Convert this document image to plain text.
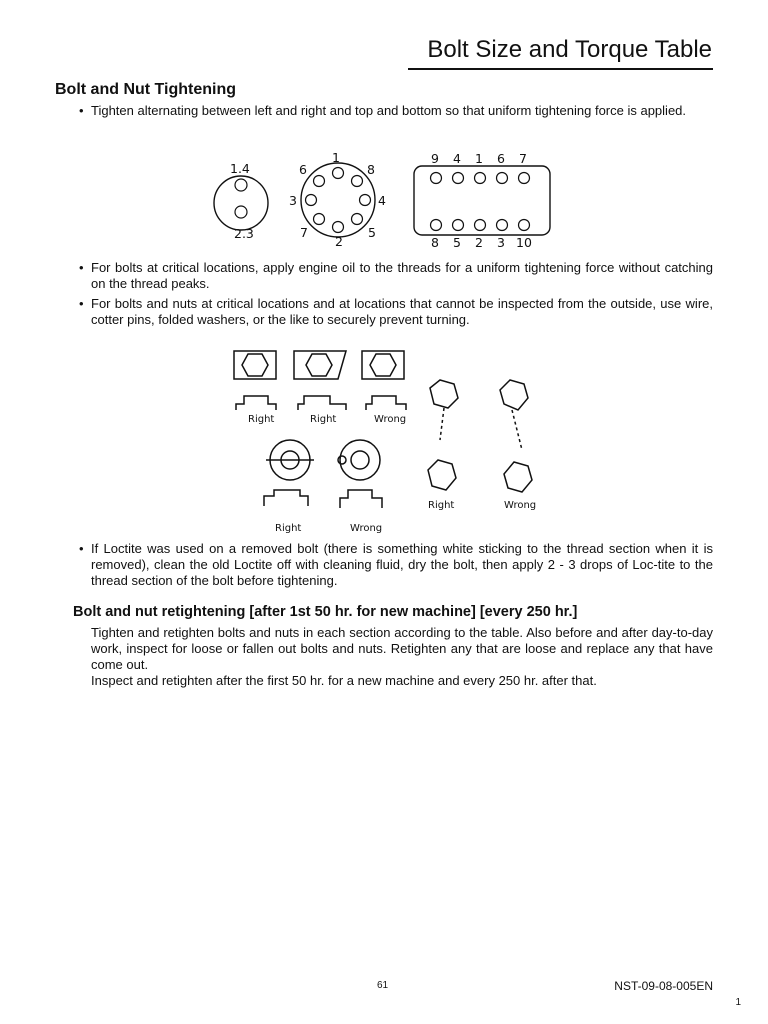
Bolt Size and Torque Table
Bolt and Nut Tightening
• Tighten alternating between left and right and top and bottom so that uniform tightening force is applied.
1.4
2.3
1
8
4
5
2
7
3
6
9 4 1 6 7
8 5 2 3 10
• For bolts at critical locations, apply engine oil to the threads for a uniform tightening force without catching on the thread peaks.
• For bolts and nuts at critical locations and at locations that cannot be inspected from the outside, use wire, cotter pins, folded washers, or the like to securely prevent turning.
Right	Right	Wrong
Right	Wrong
Right	Wrong
• If Loctite was used on a removed bolt (there is something white sticking to the thread section when it is removed), clean the old Loctite off with cleaning fluid, dry the bolt, then apply 2 - 3 drops of Loc-tite to the thread section of the bolt before tightening.
Bolt and nut retightening [after 1st 50 hr. for new machine] [every 250 hr.]

Tighten and retighten bolts and nuts in each section according to the table. Also before and after day-to-day work, inspect for loose or fallen out bolts and nuts. Retighten any that are loose and replace any that have come out.

Inspect and retighten after the first 50 hr. for a new machine and every 250 hr. after that.

61	NST-09-08-005EN
1
